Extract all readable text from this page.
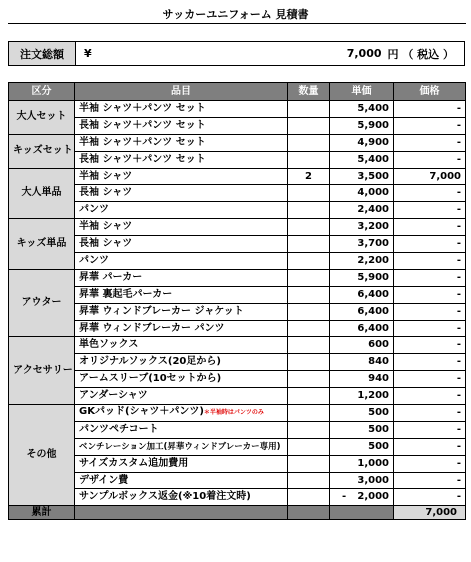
サッカーユニフォーム 見積書
注文総額	¥	7,000 円 （ 税込 ）
区分	品目	数量	単価	価格
大人セット	半袖 シャツ＋パンツ セット		5,400	-
	長袖 シャツ＋パンツ セット		5,900	-
キッズセット	半袖 シャツ＋パンツ セット		4,900	-
	長袖 シャツ＋パンツ セット		5,400	-
大人単品	半袖 シャツ	2	3,500	7,000
	長袖 シャツ		4,000	-
	パンツ		2,400	-
キッズ単品	半袖 シャツ		3,200	-
	長袖 シャツ		3,700	-
	パンツ		2,200	-
アウター	昇華 パーカー		5,900	-
	昇華 裏起毛パーカー		6,400	-
	昇華 ウィンドブレーカー ジャケット		6,400	-
	昇華 ウィンドブレーカー パンツ		6,400	-
アクセサリー	単色ソックス		600	-
	オリジナルソックス(20足から)		840	-
	アームスリーブ(10セットから)		940	-
	アンダーシャツ		1,200	-
その他	GKパッド(シャツ＋パンツ)＊半袖時はパンツのみ		500	-
	パンツペチコート		500	-
	ベンチレーション加工(昇華ウィンドブレーカー専用)		500	-
	サイズカスタム追加費用		1,000	-
	デザイン費		3,000	-
	サンプルボックス返金(※10着注文時)		- 2,000	-
累計				7,000
